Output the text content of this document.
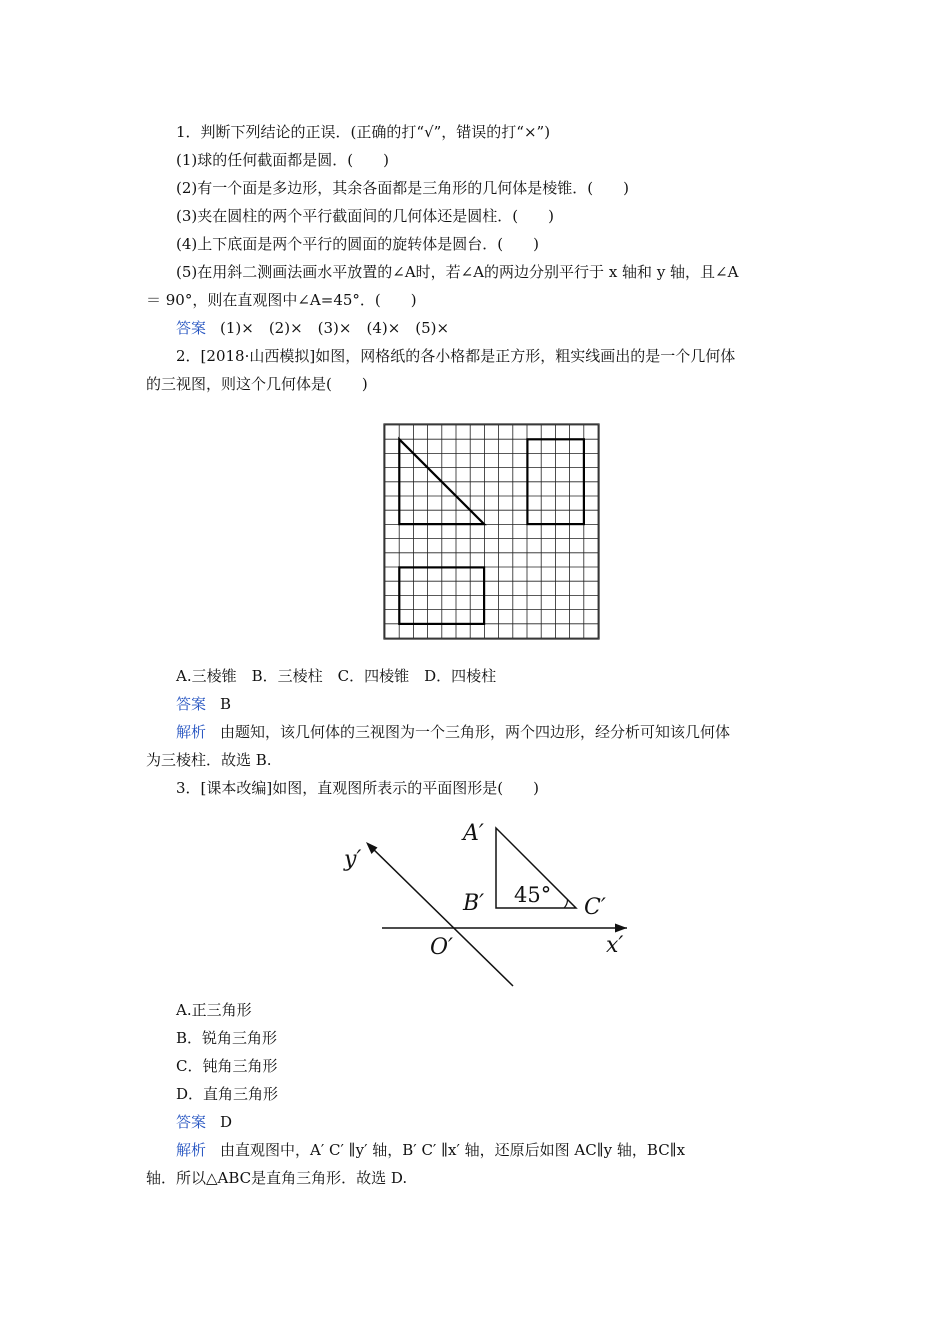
1．判断下列结论的正误．(正确的打“√”，错误的打“×”)
(1)球的任何截面都是圆．(　　)
(2)有一个面是多边形，其余各面都是三角形的几何体是棱锥．(　　)
(3)夹在圆柱的两个平行截面间的几何体还是圆柱．(　　)
(4)上下底面是两个平行的圆面的旋转体是圆台．(　　)
(5)在用斜二测画法画水平放置的∠A时，若∠A的两边分别平行于 x 轴和 y 轴，且∠A
＝ 90°，则在直观图中∠A=45°．(　　)
答案 (1)×　(2)×　(3)×　(4)×　(5)×
2．[2018·山西模拟]如图，网格纸的各小格都是正方形，粗实线画出的是一个几何体
的三视图，则这个几何体是(　　)
A.三棱锥　B．三棱柱　C．四棱锥　D．四棱柱
答案 B
解析 由题知，该几何体的三视图为一个三角形，两个四边形，经分析可知该几何体
为三棱柱．故选 B.
3．[课本改编]如图，直观图所表示的平面图形是(　　)
A′
B′	C′
45°
O′	x′
y′
A.正三角形
B．锐角三角形
C．钝角三角形
D．直角三角形
答案 D
解析 由直观图中，A′ C′ ∥y′ 轴，B′ C′ ∥x′ 轴，还原后如图 AC∥y 轴，BC∥x
轴．所以△ABC是直角三角形．故选 D.
